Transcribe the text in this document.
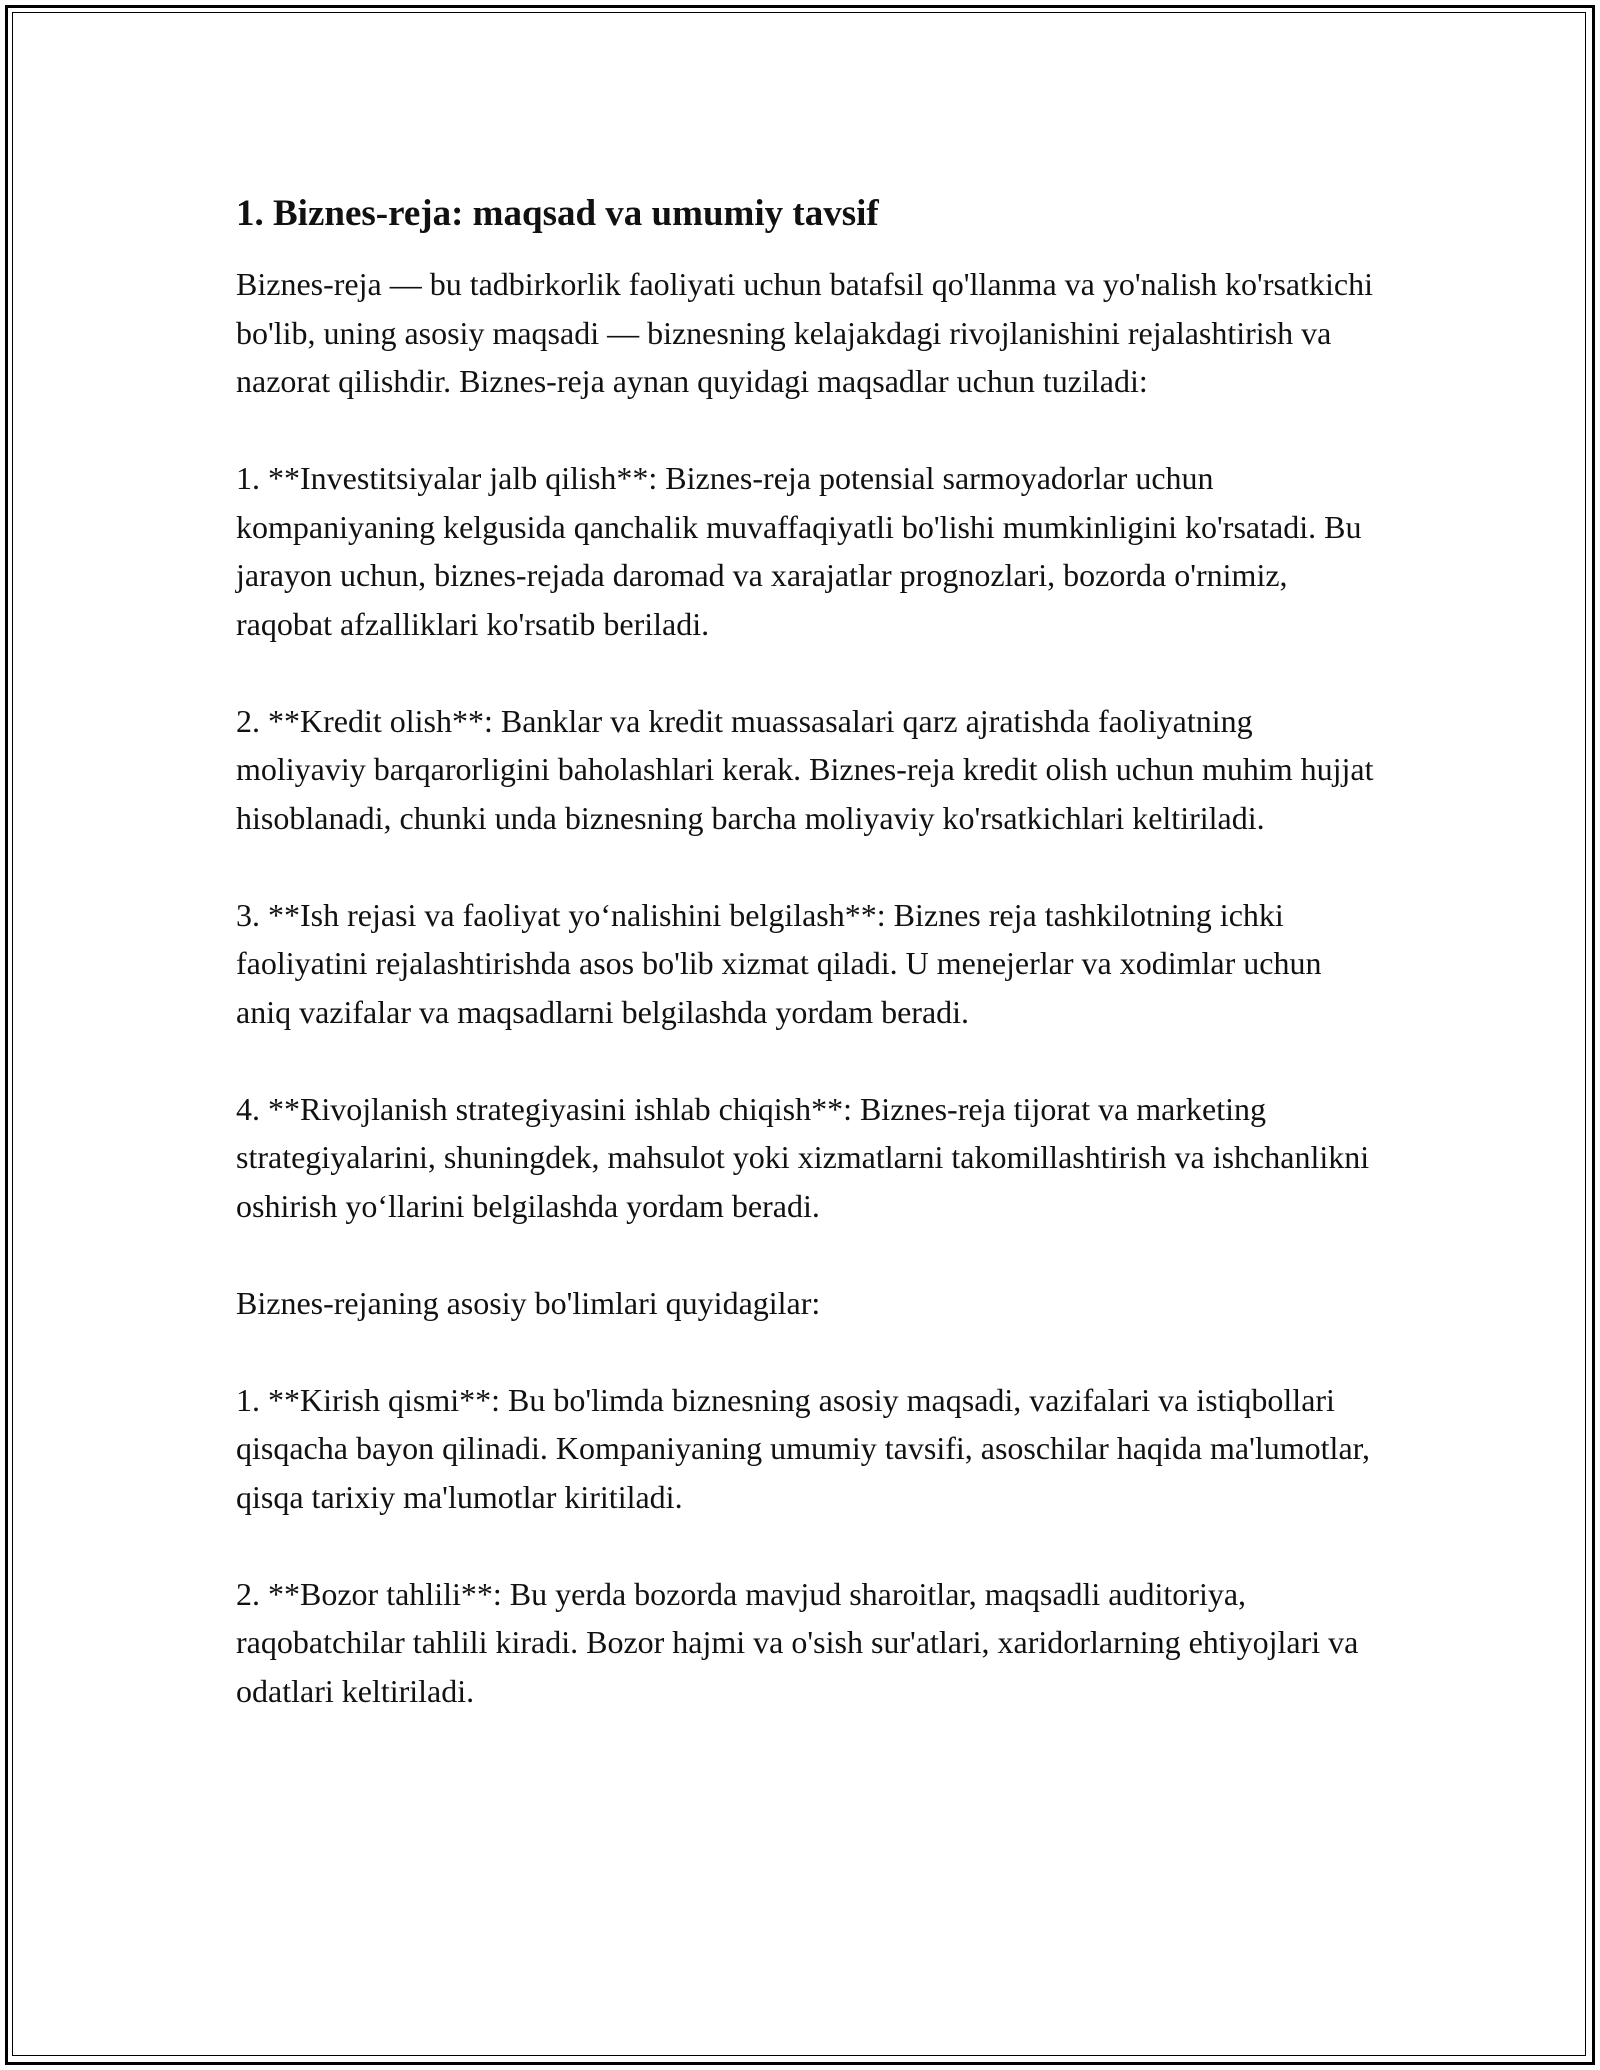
1. Biznes-reja: maqsad va umumiy tavsif

Biznes-reja — bu tadbirkorlik faoliyati uchun batafsil qo'llanma va yo'nalish ko'rsatkichi bo'lib, uning asosiy maqsadi — biznesning kelajakdagi rivojlanishini rejalashtirish va nazorat qilishdir. Biznes-reja aynan quyidagi maqsadlar uchun tuziladi:

1. **Investitsiyalar jalb qilish**: Biznes-reja potensial sarmoyadorlar uchun kompaniyaning kelgusida qanchalik muvaffaqiyatli bo'lishi mumkinligini ko'rsatadi. Bu jarayon uchun, biznes-rejada daromad va xarajatlar prognozlari, bozorda o'rnimiz, raqobat afzalliklari ko'rsatib beriladi.

2. **Kredit olish**: Banklar va kredit muassasalari qarz ajratishda faoliyatning moliyaviy barqarorligini baholashlari kerak. Biznes-reja kredit olish uchun muhim hujjat hisoblanadi, chunki unda biznesning barcha moliyaviy ko'rsatkichlari keltiriladi.

3. **Ish rejasi va faoliyat yoʻnalishini belgilash**: Biznes reja tashkilotning ichki faoliyatini rejalashtirishda asos bo'lib xizmat qiladi. U menejerlar va xodimlar uchun aniq vazifalar va maqsadlarni belgilashda yordam beradi.

4. **Rivojlanish strategiyasini ishlab chiqish**: Biznes-reja tijorat va marketing strategiyalarini, shuningdek, mahsulot yoki xizmatlarni takomillashtirish va ishchanlikni oshirish yoʻllarini belgilashda yordam beradi.

Biznes-rejaning asosiy bo'limlari quyidagilar:

1. **Kirish qismi**: Bu bo'limda biznesning asosiy maqsadi, vazifalari va istiqbollari qisqacha bayon qilinadi. Kompaniyaning umumiy tavsifi, asoschilar haqida ma'lumotlar, qisqa tarixiy ma'lumotlar kiritiladi.

2. **Bozor tahlili**: Bu yerda bozorda mavjud sharoitlar, maqsadli auditoriya, raqobatchilar tahlili kiradi. Bozor hajmi va o'sish sur'atlari, xaridorlarning ehtiyojlari va odatlari keltiriladi.
